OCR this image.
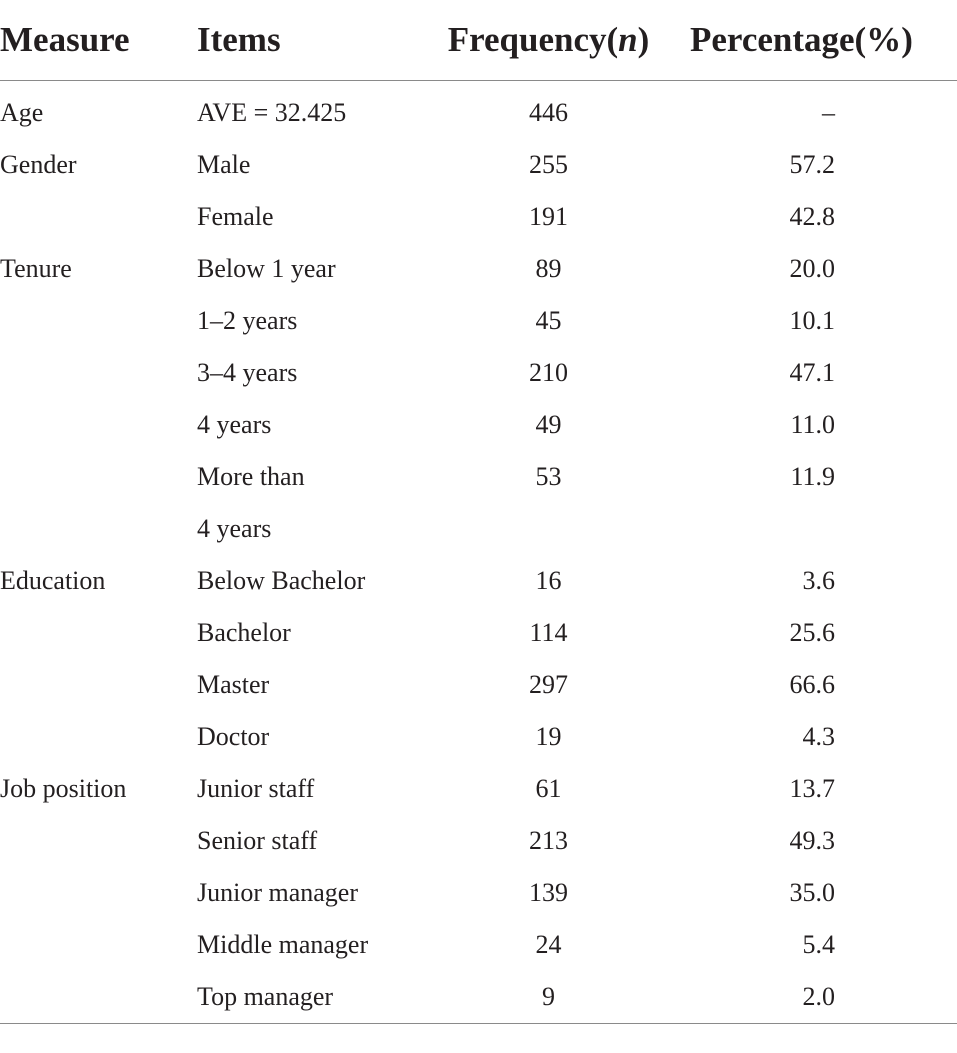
Measure	Items	Frequency(n)	Percentage(%)

Age	AVE = 32.425	446	–
Gender	Male	255	57.2
	Female	191	42.8
Tenure	Below 1 year	89	20.0
	1–2 years	45	10.1
	3–4 years	210	47.1
	4 years	49	11.0
	More than	53	11.9
	4 years		
Education	Below Bachelor	16	3.6
	Bachelor	114	25.6
	Master	297	66.6
	Doctor	19	4.3
Job position	Junior staff	61	13.7
	Senior staff	213	49.3
	Junior manager	139	35.0
	Middle manager	24	5.4
	Top manager	9	2.0
